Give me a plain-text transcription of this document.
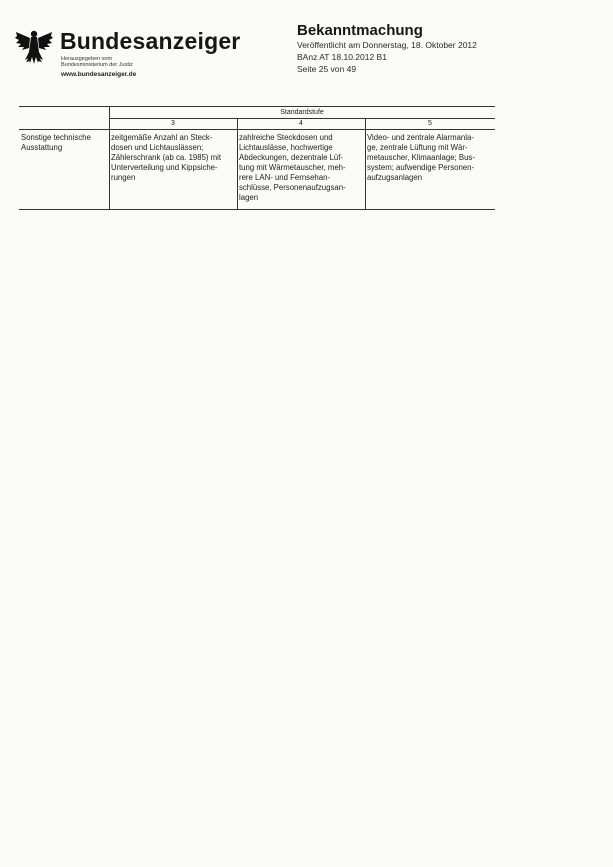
Bundesanzeiger
Herausgegeben vom
Bundesministerium der Justiz
www.bundesanzeiger.de
Bekanntmachung
Veröffentlicht am Donnerstag, 18. Oktober 2012
BAnz AT 18.10.2012 B1
Seite 25 von 49
Standardstufe
3	4	5
Sonstige technische
Ausstattung
zeitgemäße Anzahl an Steck-
dosen und Lichtauslässen;
Zählerschrank (ab ca. 1985) mit
Unterverteilung und Kippsiche-
rungen
zahlreiche Steckdosen und
Lichtauslässe, hochwertige
Abdeckungen, dezentrale Lüf-
tung mit Wärmetauscher, meh-
rere LAN- und Fernsehan-
schlüsse, Personenaufzugsan-
lagen
Video- und zentrale Alarmanla-
ge, zentrale Lüftung mit Wär-
metauscher, Klimaanlage; Bus-
system; aufwendige Personen-
aufzugsanlagen
